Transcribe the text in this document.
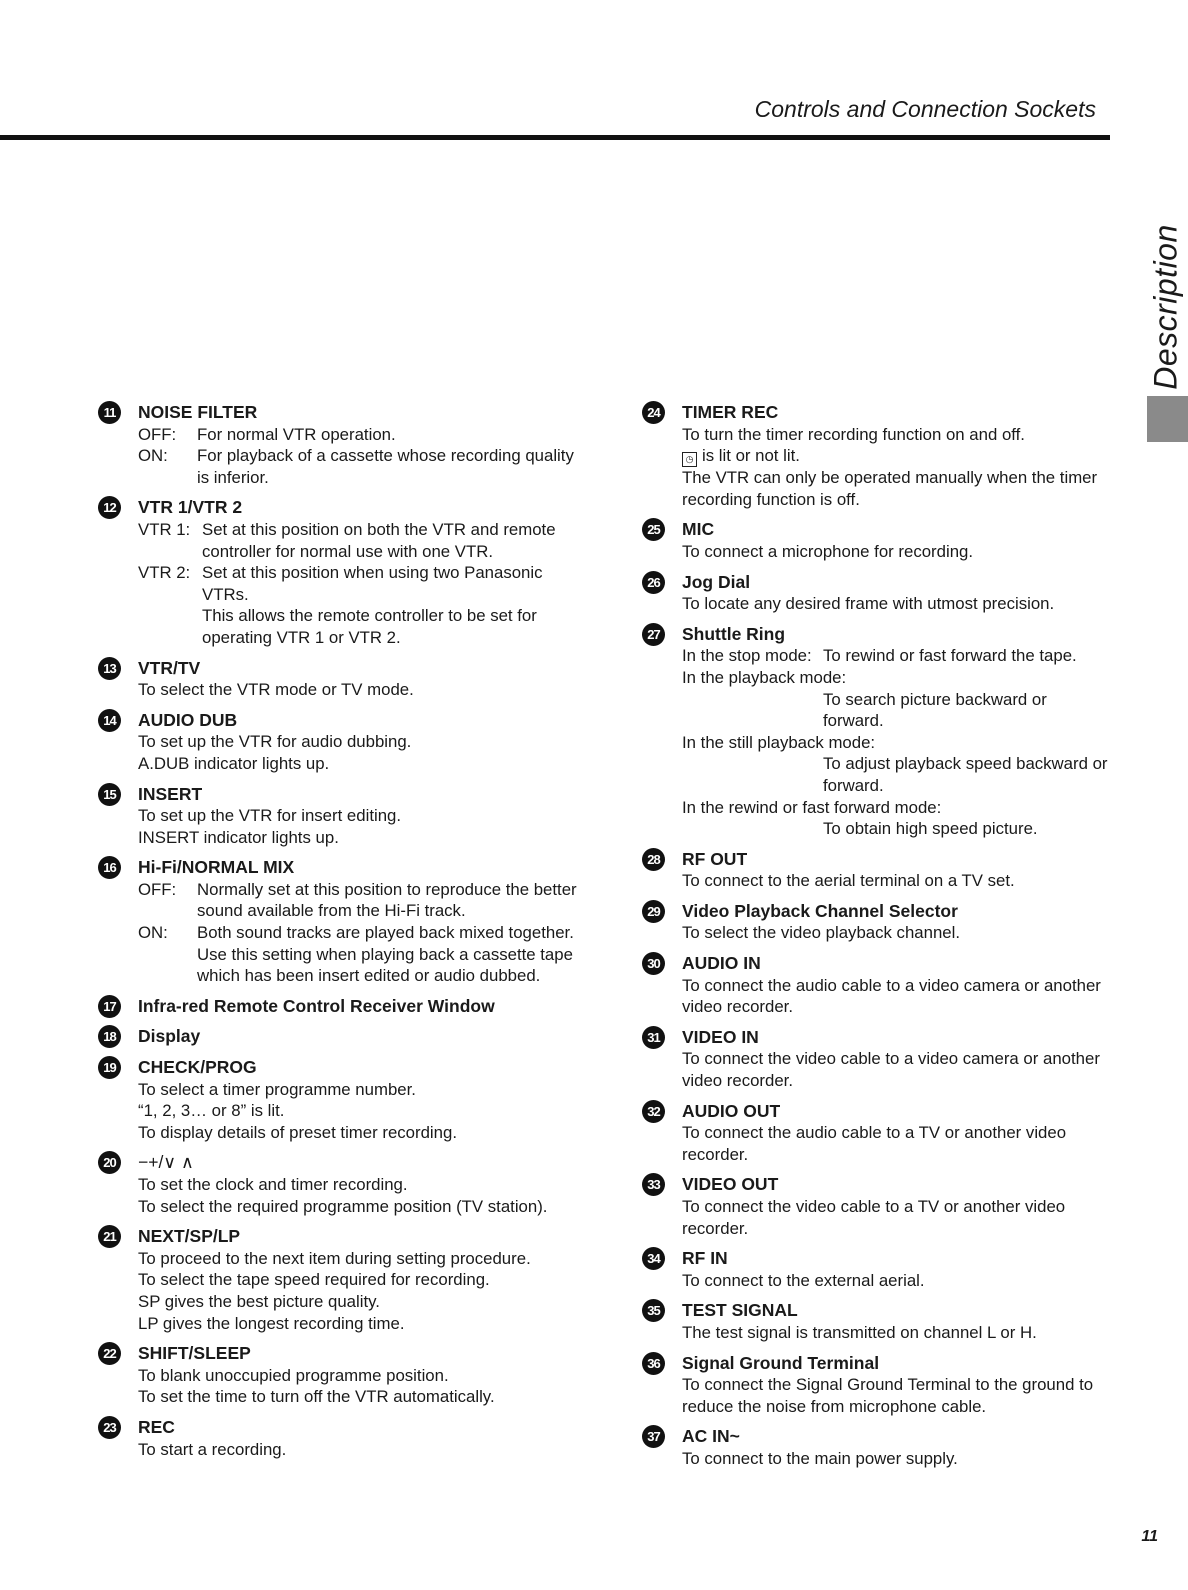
Controls and Connection Sockets
Description
11	NOISE FILTER
OFF:	For normal VTR operation.
ON:	For playback of a cassette whose recording quality is inferior.
12	VTR 1/VTR 2
VTR 1: Set at this position on both the VTR and remote controller for normal use with one VTR.
VTR 2: Set at this position when using two Panasonic VTRs.
This allows the remote controller to be set for operating VTR 1 or VTR 2.
13	VTR/TV
To select the VTR mode or TV mode.
14	AUDIO DUB
To set up the VTR for audio dubbing.
A.DUB indicator lights up.
15	INSERT
To set up the VTR for insert editing.
INSERT indicator lights up.
16	Hi-Fi/NORMAL MIX
OFF:	Normally set at this position to reproduce the better sound available from the Hi-Fi track.
ON:	Both sound tracks are played back mixed together. Use this setting when playing back a cassette tape which has been insert edited or audio dubbed.
17	Infra-red Remote Control Receiver Window
18	Display
19	CHECK/PROG
To select a timer programme number.
“1, 2, 3… or 8” is lit.
To display details of preset timer recording.
20	−+/∨ ∧
To set the clock and timer recording.
To select the required programme position (TV station).
21	NEXT/SP/LP
To proceed to the next item during setting procedure.
To select the tape speed required for recording.
SP gives the best picture quality.
LP gives the longest recording time.
22	SHIFT/SLEEP
To blank unoccupied programme position.
To set the time to turn off the VTR automatically.
23	REC
To start a recording.
24	TIMER REC
To turn the timer recording function on and off.
◷ is lit or not lit.
The VTR can only be operated manually when the timer recording function is off.
25	MIC
To connect a microphone for recording.
26	Jog Dial
To locate any desired frame with utmost precision.
27	Shuttle Ring
In the stop mode: To rewind or fast forward the tape.
In the playback mode:
To search picture backward or forward.
In the still playback mode:
To adjust playback speed backward or forward.
In the rewind or fast forward mode:
To obtain high speed picture.
28	RF OUT
To connect to the aerial terminal on a TV set.
29	Video Playback Channel Selector
To select the video playback channel.
30	AUDIO IN
To connect the audio cable to a video camera or another video recorder.
31	VIDEO IN
To connect the video cable to a video camera or another video recorder.
32	AUDIO OUT
To connect the audio cable to a TV or another video recorder.
33	VIDEO OUT
To connect the video cable to a TV or another video recorder.
34	RF IN
To connect to the external aerial.
35	TEST SIGNAL
The test signal is transmitted on channel L or H.
36	Signal Ground Terminal
To connect the Signal Ground Terminal to the ground to reduce the noise from microphone cable.
37	AC IN~
To connect to the main power supply.
11
